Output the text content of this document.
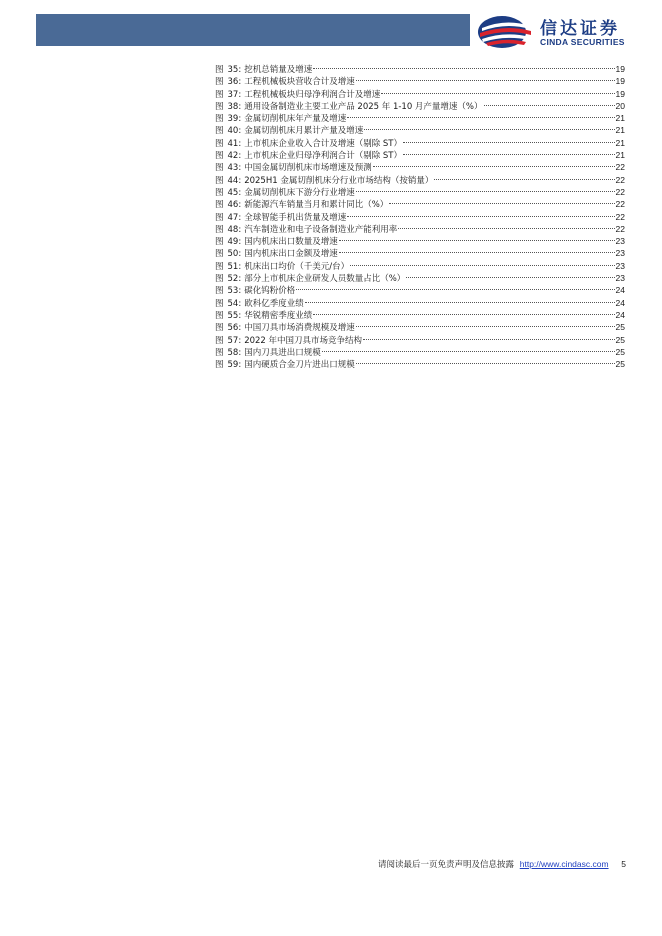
信达证券
CINDA SECURITIES
图 35: 挖机总销量及增速	19
图 36: 工程机械板块营收合计及增速	19
图 37: 工程机械板块归母净利润合计及增速	19
图 38: 通用设备制造业主要工业产品 2025 年 1-10 月产量增速（%）	20
图 39: 金属切削机床年产量及增速	21
图 40: 金属切削机床月累计产量及增速	21
图 41: 上市机床企业收入合计及增速（剔除 ST）	21
图 42: 上市机床企业归母净利润合计（剔除 ST）	21
图 43: 中国金属切削机床市场增速及预测	22
图 44: 2025H1 金属切削机床分行业市场结构（按销量）	22
图 45: 金属切削机床下游分行业增速	22
图 46: 新能源汽车销量当月和累计同比（%）	22
图 47: 全球智能手机出货量及增速	22
图 48: 汽车制造业和电子设备制造业产能利用率	22
图 49: 国内机床出口数量及增速	23
图 50: 国内机床出口金额及增速	23
图 51: 机床出口均价（千美元/台）	23
图 52: 部分上市机床企业研发人员数量占比（%）	23
图 53: 碳化钨粉价格	24
图 54: 欧科亿季度业绩	24
图 55: 华锐精密季度业绩	24
图 56: 中国刀具市场消费规模及增速	25
图 57: 2022 年中国刀具市场竞争结构	25
图 58: 国内刀具进出口规模	25
图 59: 国内硬质合金刀片进出口规模	25
请阅读最后一页免责声明及信息披露 http://www.cindasc.com 5
